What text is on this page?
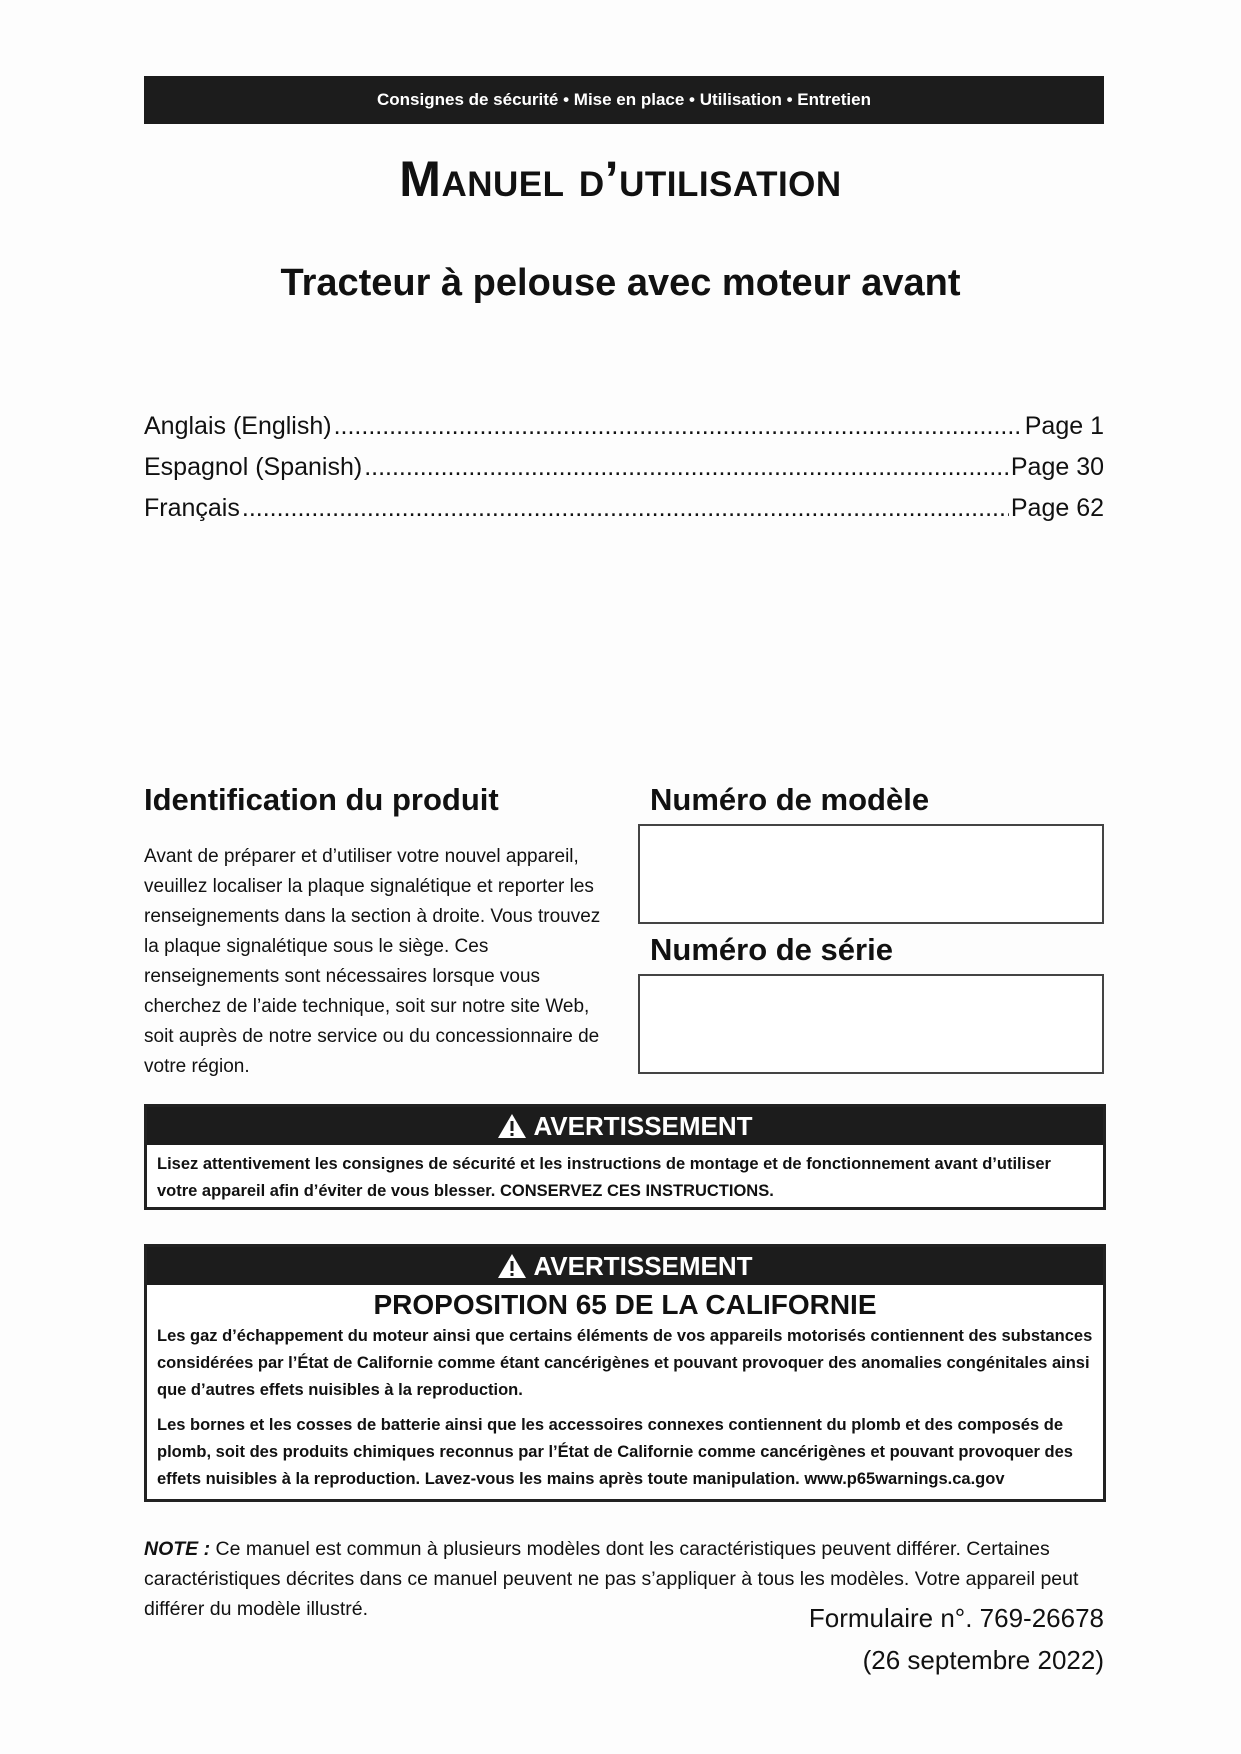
Consignes de sécurité • Mise en place • Utilisation • Entretien
Manuel d’utilisation
Tracteur à pelouse avec moteur avant
Anglais (English) .....	Page 1
Espagnol (Spanish) .....	Page 30
Français .....	Page 62
Identification du produit
Avant de préparer et d’utiliser votre nouvel appareil, veuillez localiser la plaque signalétique et reporter les renseignements dans la section à droite. Vous trouvez la plaque signalétique sous le siège. Ces renseignements sont nécessaires lorsque vous cherchez de l’aide technique, soit sur notre site Web, soit auprès de notre service ou du concessionnaire de votre région.
Numéro de modèle
Numéro de série
AVERTISSEMENT
Lisez attentivement les consignes de sécurité et les instructions de montage et de fonctionnement avant d’utiliser votre appareil afin d’éviter de vous blesser. CONSERVEZ CES INSTRUCTIONS.
AVERTISSEMENT
PROPOSITION 65 DE LA CALIFORNIE

Les gaz d’échappement du moteur ainsi que certains éléments de vos appareils motorisés contiennent des substances considérées par l’État de Californie comme étant cancérigènes et pouvant provoquer des anomalies congénitales ainsi que d’autres effets nuisibles à la reproduction.

Les bornes et les cosses de batterie ainsi que les accessoires connexes contiennent du plomb et des composés de plomb, soit des produits chimiques reconnus par l’État de Californie comme cancérigènes et pouvant provoquer des effets nuisibles à la reproduction. Lavez-vous les mains après toute manipulation. www.p65warnings.ca.gov

NOTE : Ce manuel est commun à plusieurs modèles dont les caractéristiques peuvent différer. Certaines caractéristiques décrites dans ce manuel peuvent ne pas s’appliquer à tous les modèles. Votre appareil peut différer du modèle illustré.	Formulaire n°. 769-26678
(26 septembre 2022)
